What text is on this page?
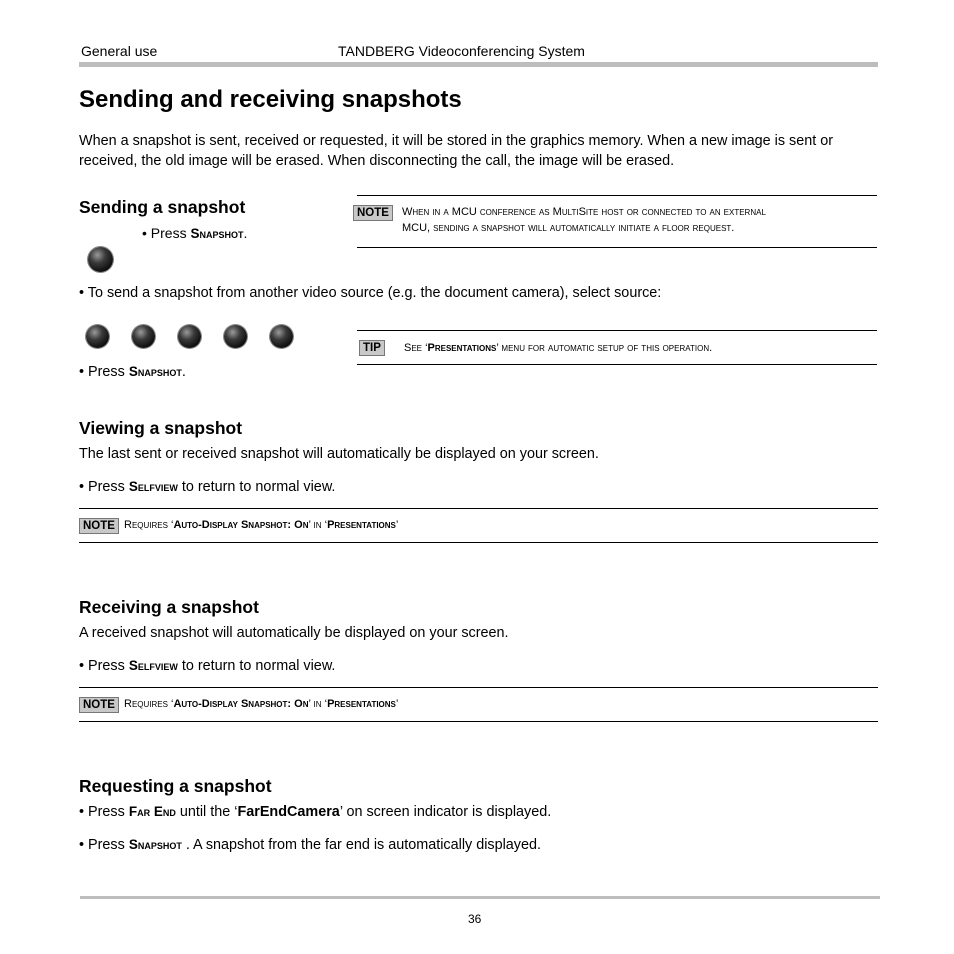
General use	TANDBERG Videoconferencing System
Sending and receiving snapshots
When a snapshot is sent, received or requested, it will be stored in the graphics memory. When a new image is sent or received, the old image will be erased. When disconnecting the call, the image will be erased.
Sending a snapshot
• Press Snapshot.
NOTE	When in a MCU conference as MultiSite host or connected to an external
MCU, sending a snapshot will automatically initiate a floor request.
• To send a snapshot from another video source (e.g. the document camera), select source:
• Press Snapshot.
TIP	See ‘Presentations’ menu for automatic setup of this operation.
Viewing a snapshot
The last sent or received snapshot will automatically be displayed on your screen.
• Press Selfview to return to normal view.
NOTE Requires ‘Auto-Display Snapshot: On’ in ‘Presentations’
Receiving a snapshot
A received snapshot will automatically be displayed on your screen.
• Press Selfview to return to normal view.
NOTE Requires ‘Auto-Display Snapshot: On’ in ‘Presentations’
Requesting a snapshot
• Press Far End until the ‘FarEndCamera’ on screen indicator is displayed.
• Press Snapshot . A snapshot from the far end is automatically displayed.
36
